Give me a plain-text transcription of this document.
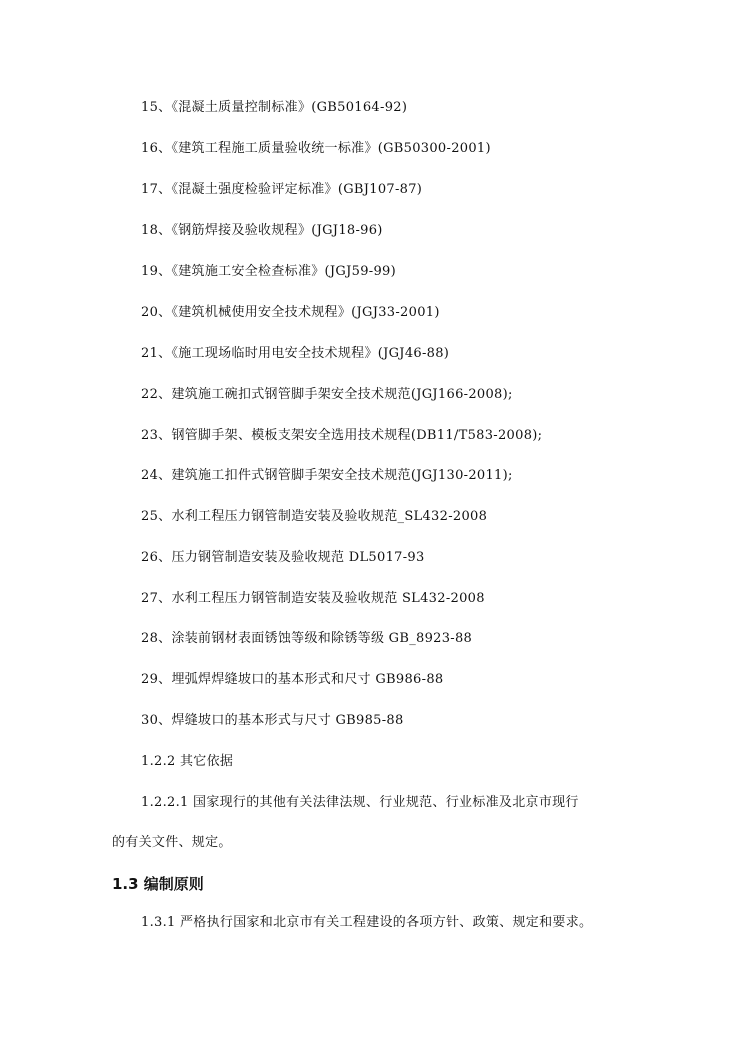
15、《混凝土质量控制标准》(GB50164-92)
16、《建筑工程施工质量验收统一标准》(GB50300-2001)
17、《混凝土强度检验评定标准》(GBJ107-87)
18、《钢筋焊接及验收规程》(JGJ18-96)
19、《建筑施工安全检查标准》(JGJ59-99)
20、《建筑机械使用安全技术规程》(JGJ33-2001)
21、《施工现场临时用电安全技术规程》(JGJ46-88)
22、建筑施工碗扣式钢管脚手架安全技术规范(JGJ166-2008);
23、钢管脚手架、模板支架安全选用技术规程(DB11/T583-2008);
24、建筑施工扣件式钢管脚手架安全技术规范(JGJ130-2011);
25、水利工程压力钢管制造安装及验收规范_SL432-2008
26、压力钢管制造安装及验收规范 DL5017-93
27、水利工程压力钢管制造安装及验收规范 SL432-2008
28、涂装前钢材表面锈蚀等级和除锈等级 GB_8923-88
29、埋弧焊焊缝坡口的基本形式和尺寸 GB986-88
30、焊缝坡口的基本形式与尺寸 GB985-88
1.2.2 其它依据
1.2.2.1 国家现行的其他有关法律法规、行业规范、行业标准及北京市现行
的有关文件、规定。
1.3 编制原则
1.3.1 严格执行国家和北京市有关工程建设的各项方针、政策、规定和要求。
